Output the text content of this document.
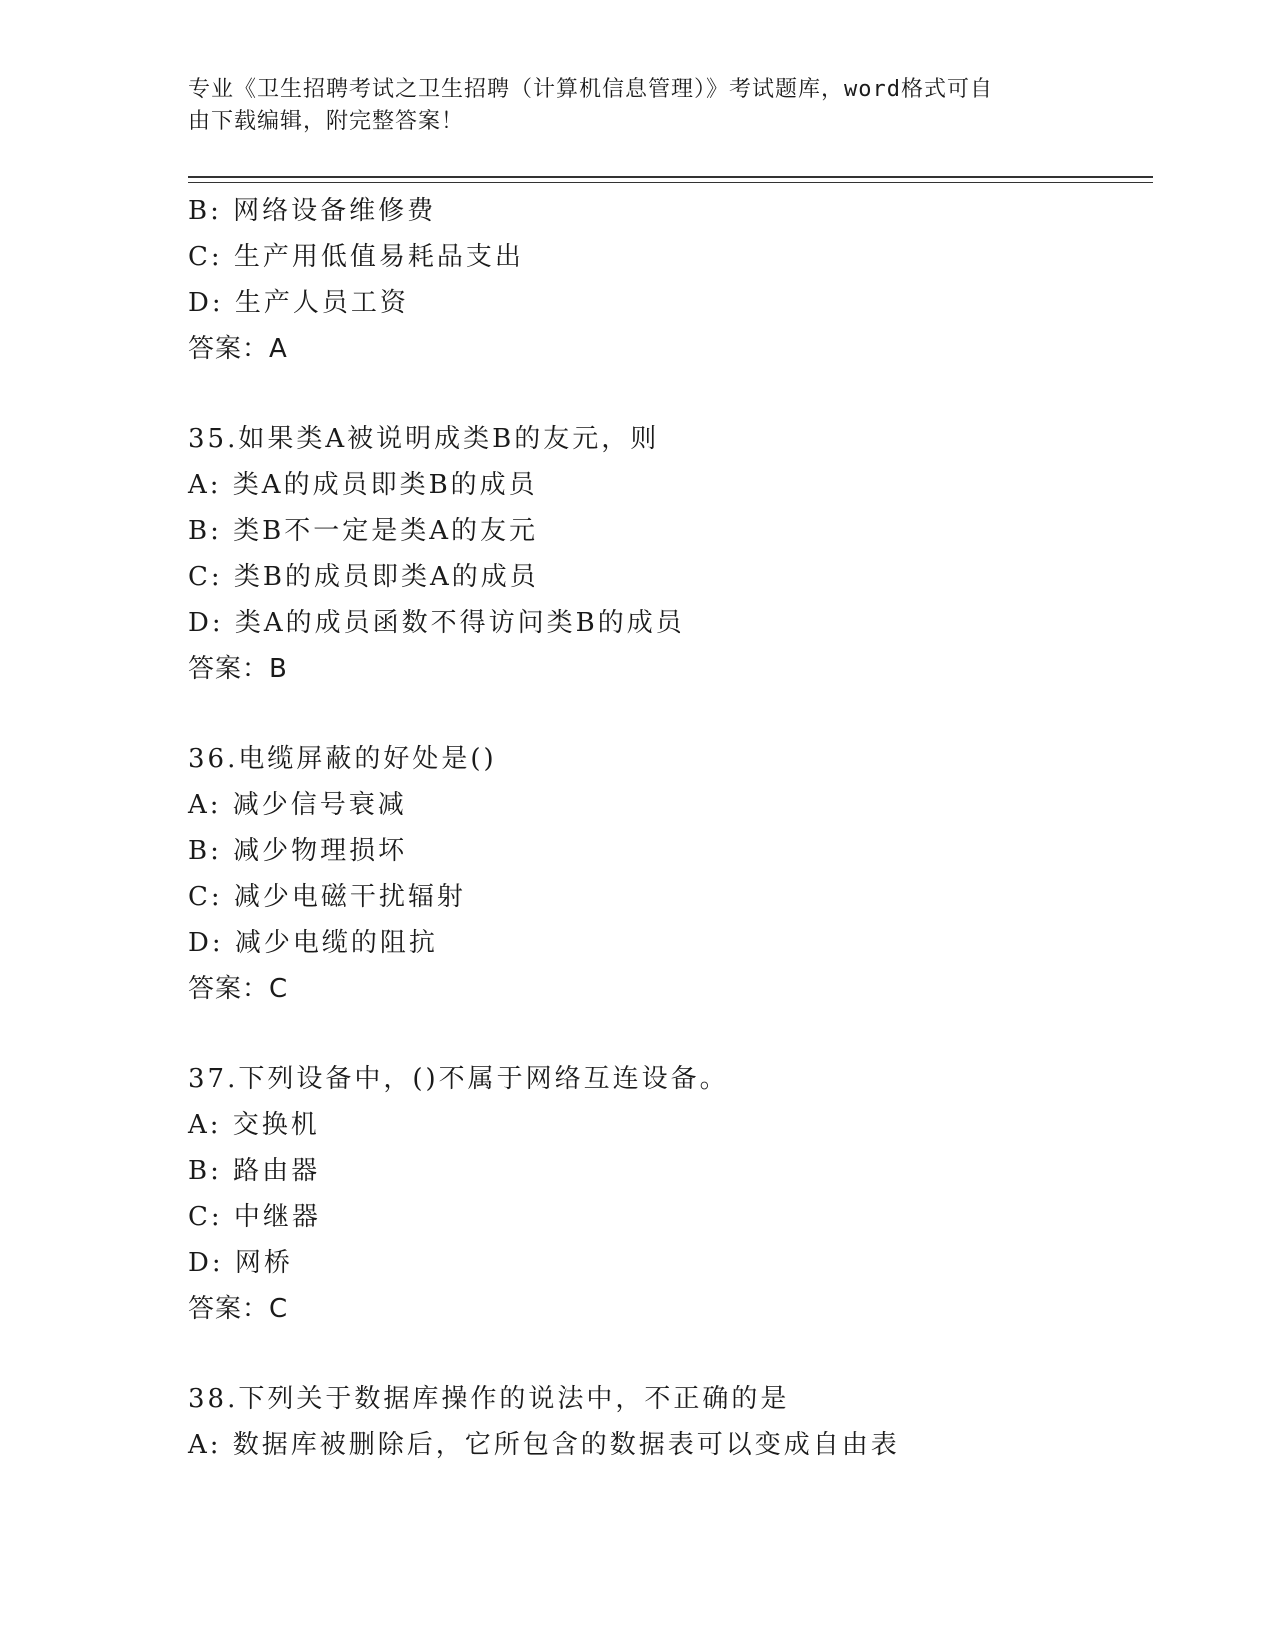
专业《卫生招聘考试之卫生招聘（计算机信息管理）》考试题库，word格式可自
由下载编辑，附完整答案！
B: 网络设备维修费
C: 生产用低值易耗品支出
D: 生产人员工资
答案：A
35.如果类A被说明成类B的友元，则
A: 类A的成员即类B的成员
B: 类B不一定是类A的友元
C: 类B的成员即类A的成员
D: 类A的成员函数不得访问类B的成员
答案：B
36.电缆屏蔽的好处是()
A: 减少信号衰减
B: 减少物理损坏
C: 减少电磁干扰辐射
D: 减少电缆的阻抗
答案：C
37.下列设备中，()不属于网络互连设备。
A: 交换机
B: 路由器
C: 中继器
D: 网桥
答案：C
38.下列关于数据库操作的说法中，不正确的是
A: 数据库被删除后，它所包含的数据表可以变成自由表
